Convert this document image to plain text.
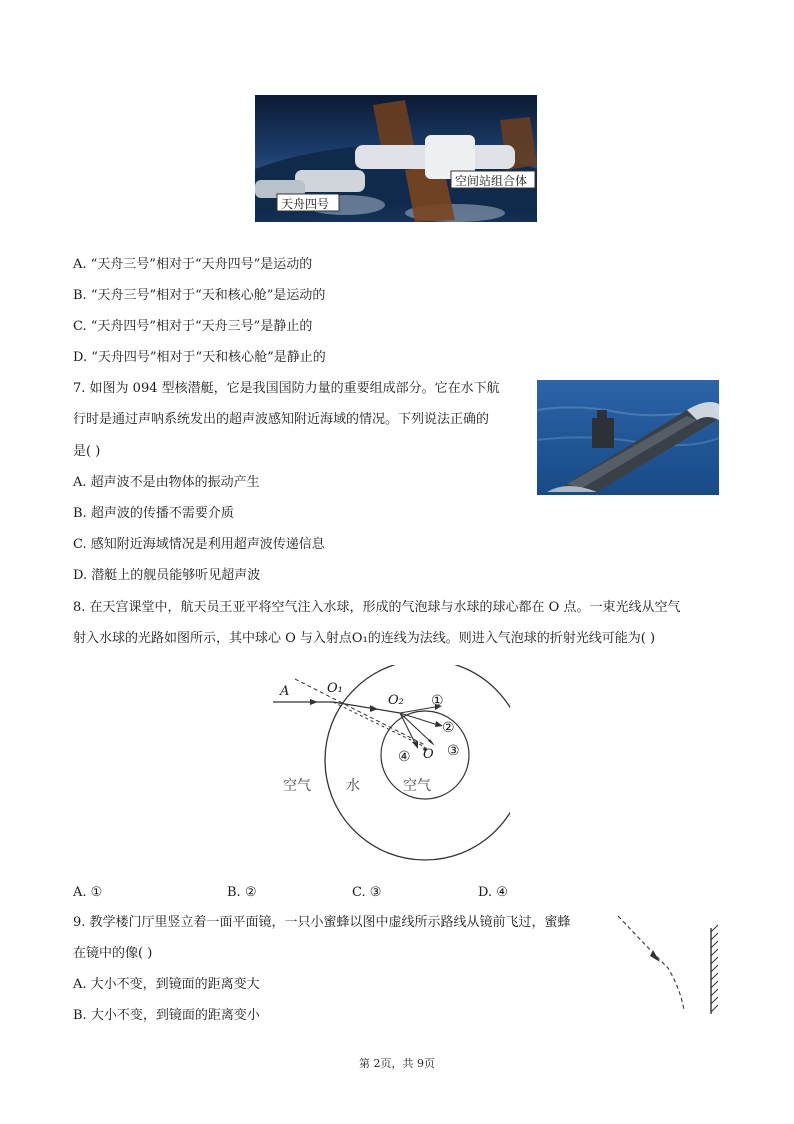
天舟四号
空间站组合体
A. “天舟三号”相对于“天舟四号”是运动的
B. “天舟三号”相对于“天和核心舱”是运动的
C. “天舟四号”相对于“天舟三号”是静止的
D. “天舟四号”相对于“天和核心舱”是静止的
7. 如图为 094 型核潜艇，它是我国国防力量的重要组成部分。它在水下航
行时是通过声呐系统发出的超声波感知附近海域的情况。下列说法正确的
是( )
A. 超声波不是由物体的振动产生
B. 超声波的传播不需要介质
C. 感知附近海域情况是利用超声波传递信息
D. 潜艇上的舰员能够听见超声波
8. 在天宫课堂中，航天员王亚平将空气注入水球，形成的气泡球与水球的球心都在 O 点。一束光线从空气
射入水球的光路如图所示，其中球心 O 与入射点O₁的连线为法线。则进入气泡球的折射光线可能为( )
A	O₁
O₂
O
①
②
③
④
空气	水	空气
A. ①	B. ②	C. ③	D. ④
9. 教学楼门厅里竖立着一面平面镜，一只小蜜蜂以图中虚线所示路线从镜前飞过，蜜蜂
在镜中的像( )
A. 大小不变，到镜面的距离变大
B. 大小不变，到镜面的距离变小
第 2页，共 9页
